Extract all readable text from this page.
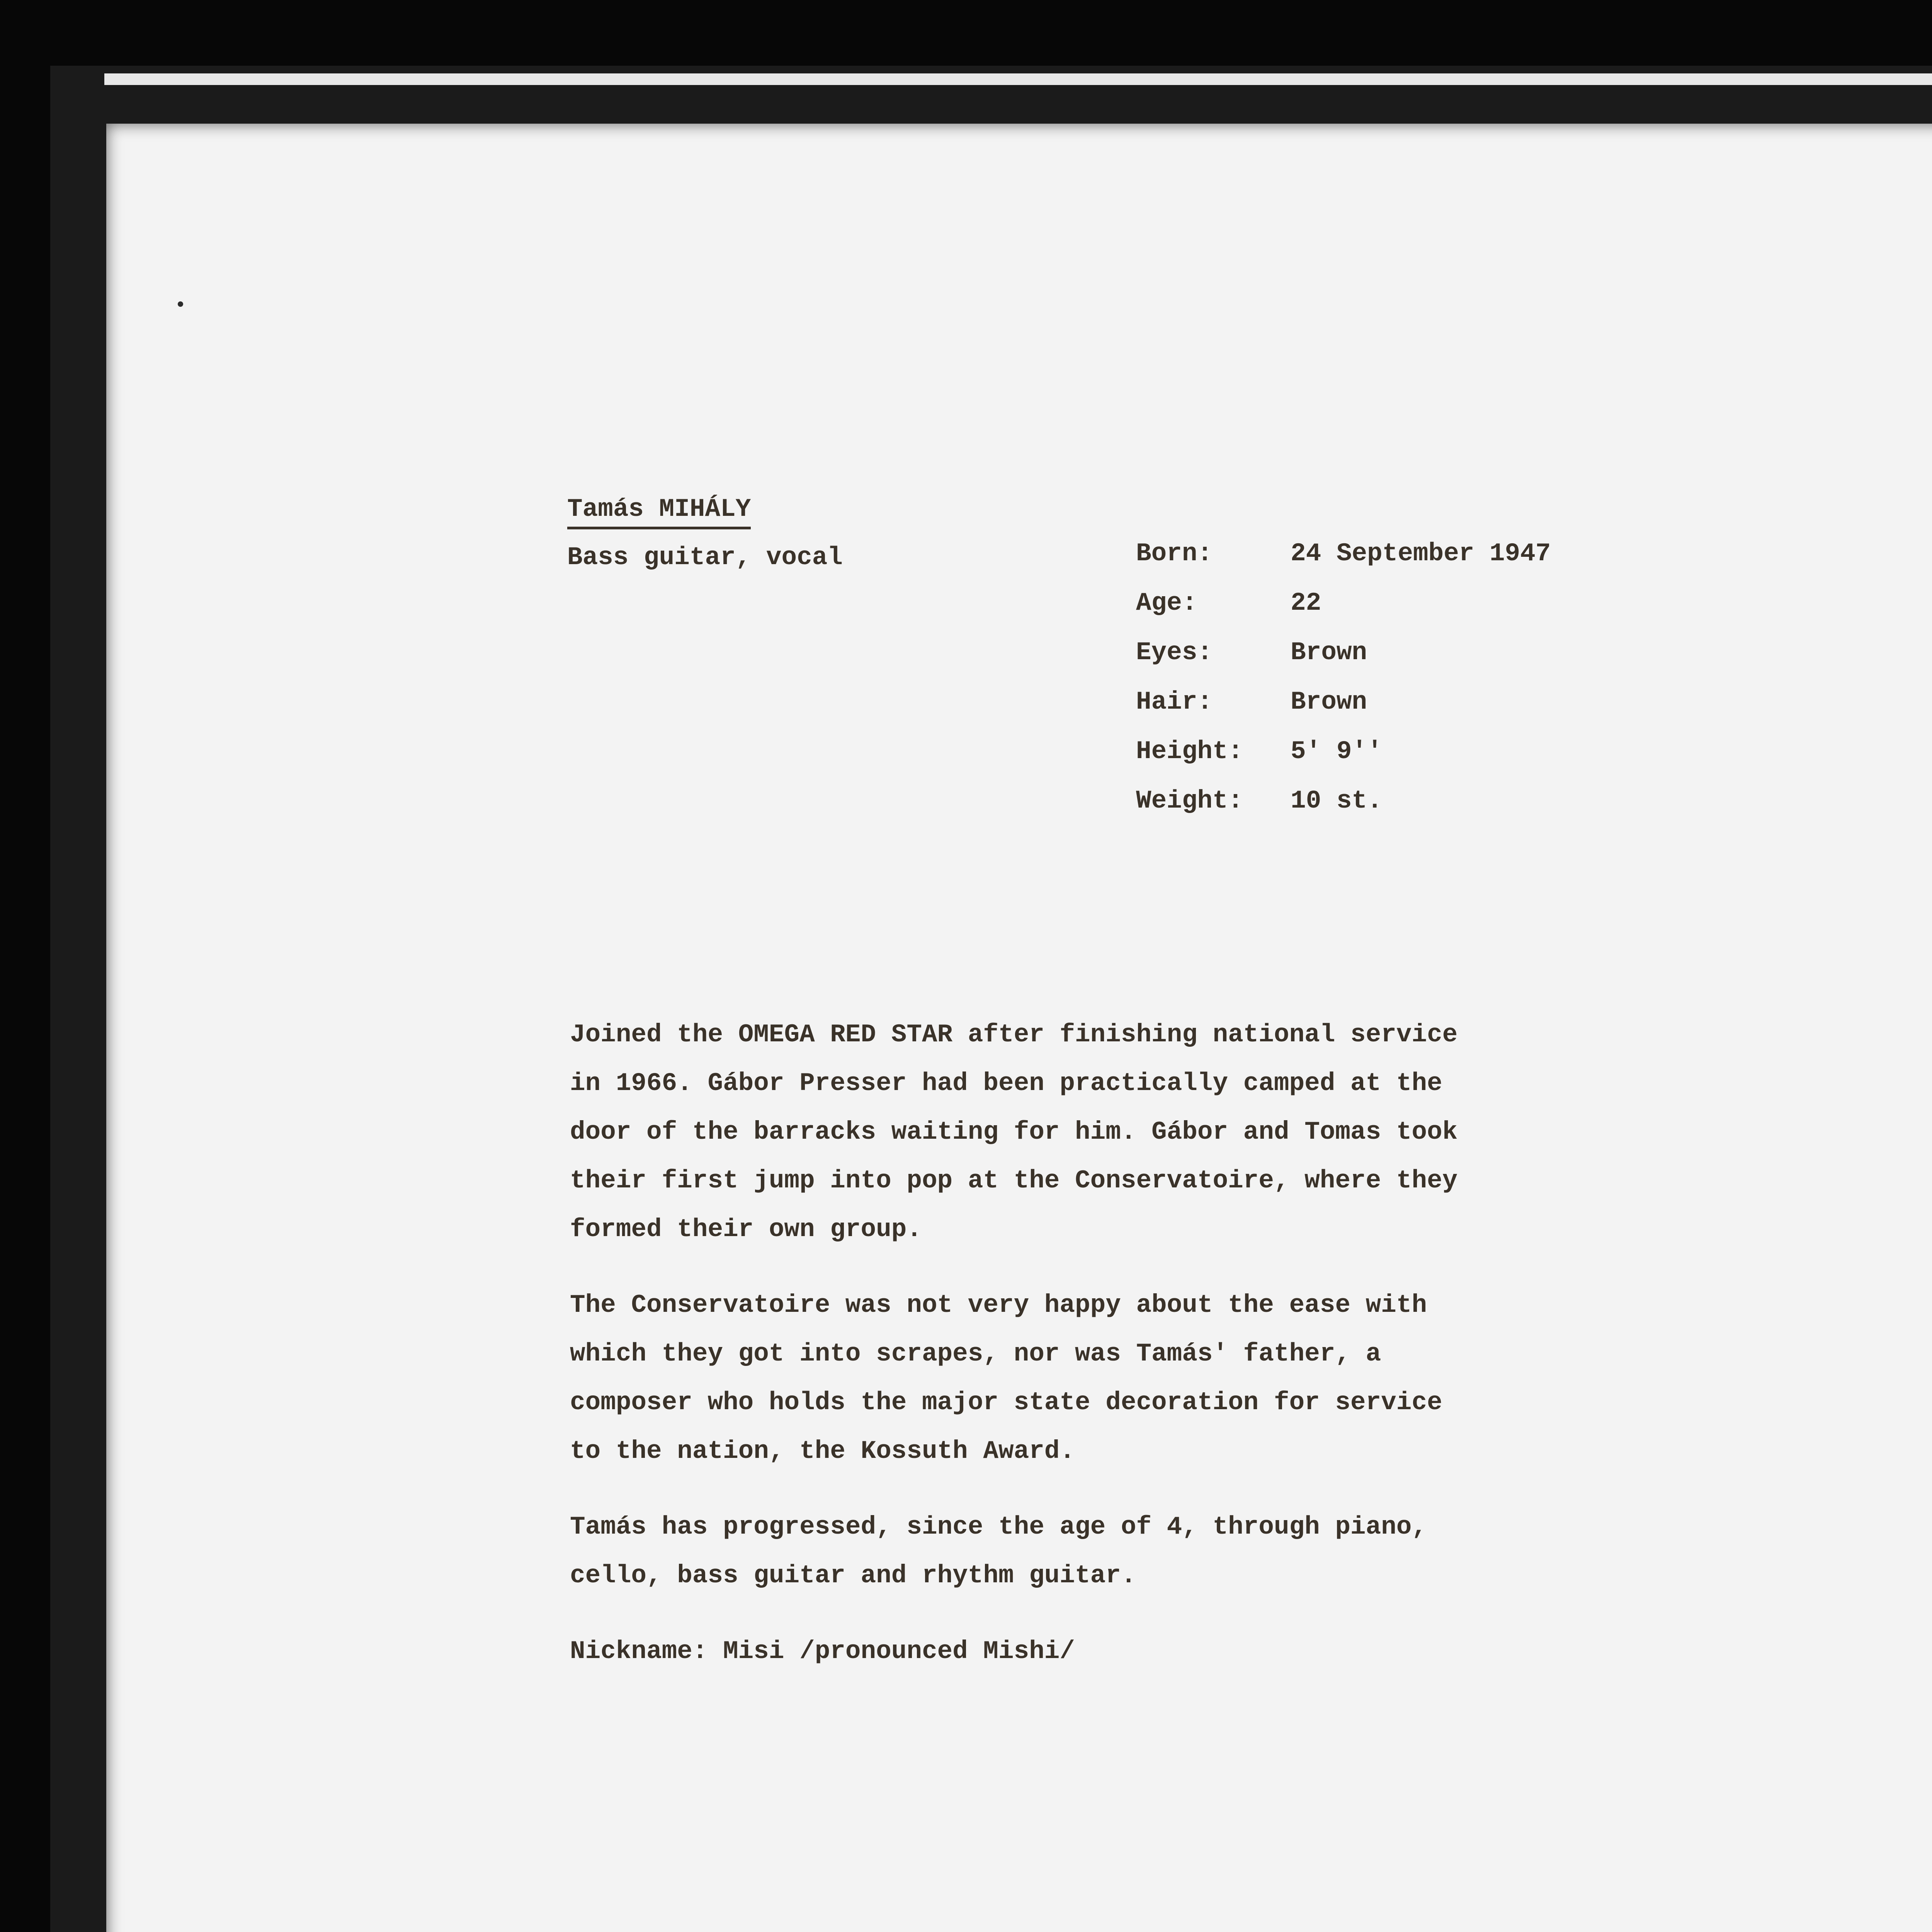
Tamás MIHÁLY
Bass guitar, vocal	Born:	24 September 1947
Age:	22
Eyes:	Brown
Hair:	Brown
Height:	5' 9''
Weight:	10 st.
Joined the OMEGA RED STAR after finishing national service
in 1966. Gábor Presser had been practically camped at the
door of the barracks waiting for him. Gábor and Tomas took
their first jump into pop at the Conservatoire, where they
formed their own group.
The Conservatoire was not very happy about the ease with
which they got into scrapes, nor was Tamás' father, a
composer who holds the major state decoration for service
to the nation, the Kossuth Award.
Tamás has progressed, since the age of 4, through piano,
cello, bass guitar and rhythm guitar.
Nickname: Misi /pronounced Mishi/
